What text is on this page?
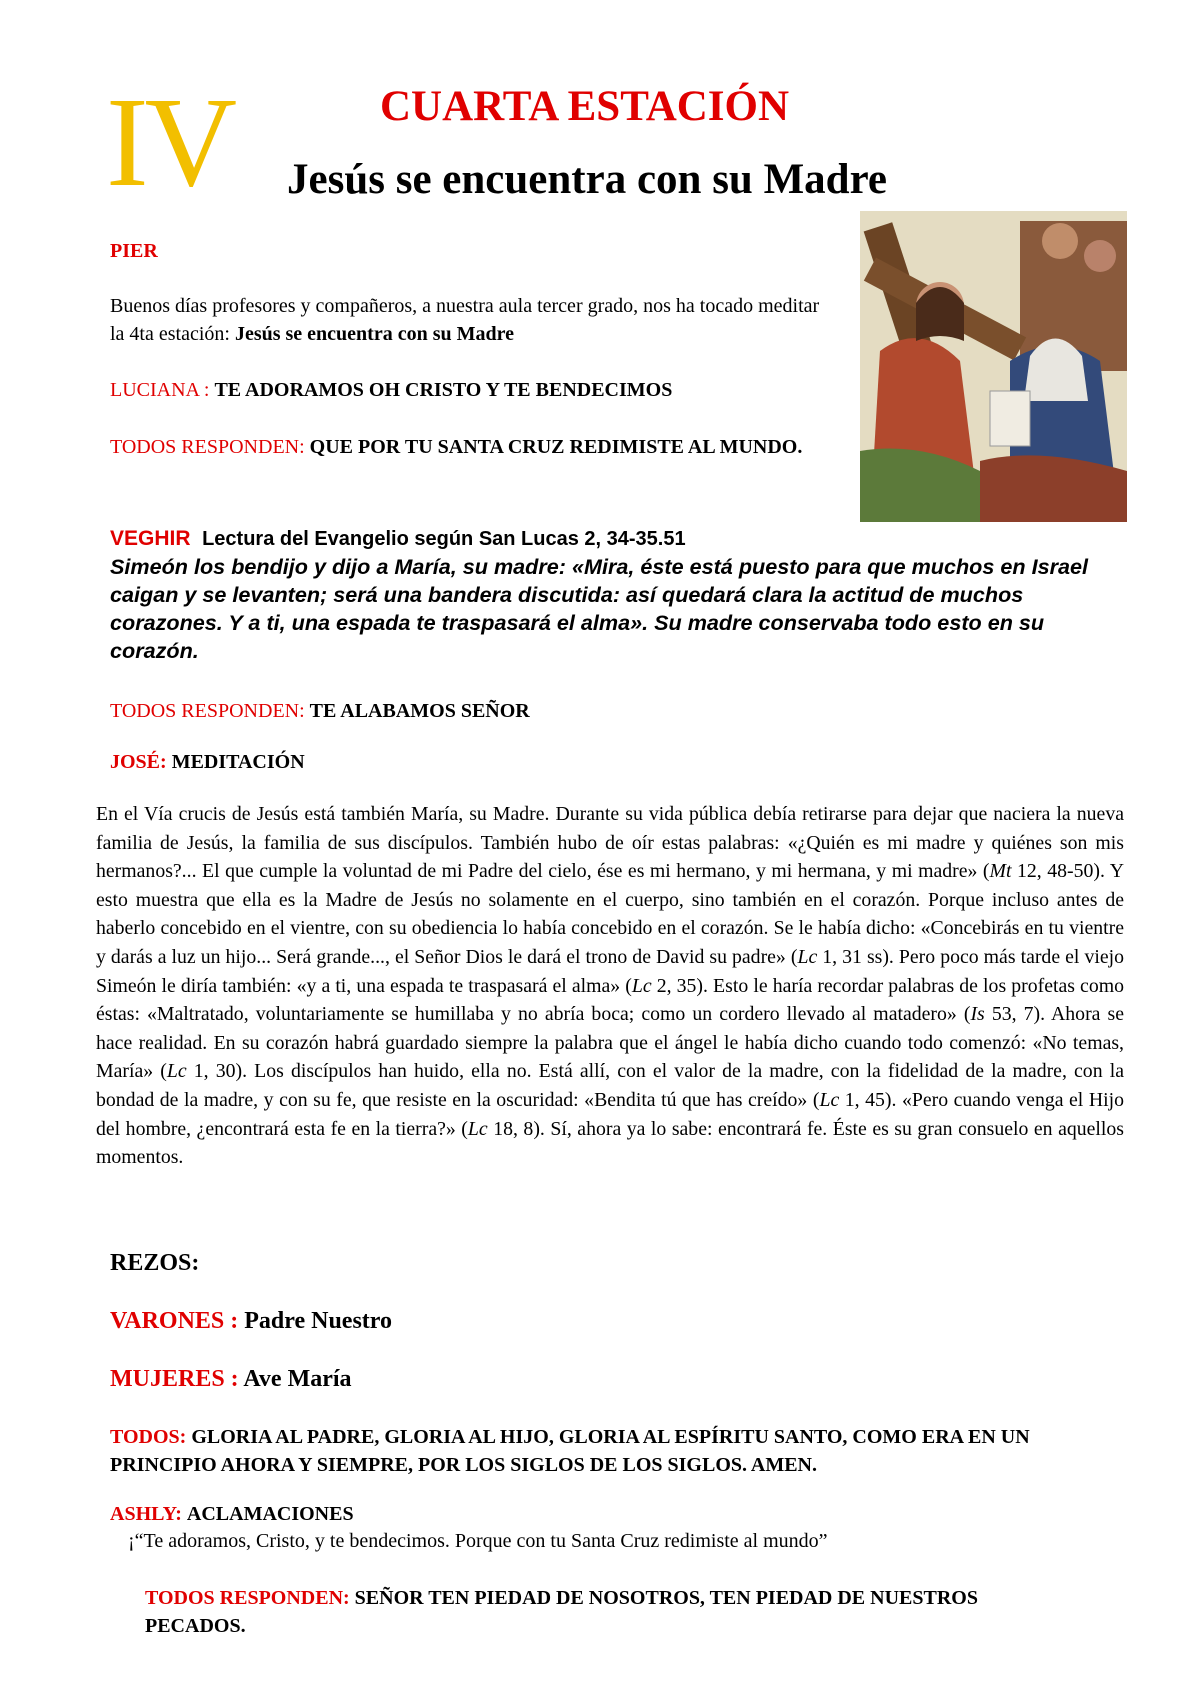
IV	CUARTA ESTACIÓN
Jesús se encuentra con su Madre
PIER
Buenos días profesores y compañeros, a nuestra aula tercer grado, nos ha tocado meditar la 4ta estación: Jesús se encuentra con su Madre
LUCIANA : TE ADORAMOS OH CRISTO Y TE BENDECIMOS
TODOS RESPONDEN: QUE POR TU SANTA CRUZ REDIMISTE AL MUNDO.
VEGHIR Lectura del Evangelio según San Lucas 2, 34-35.51
Simeón los bendijo y dijo a María, su madre: «Mira, éste está puesto para que muchos en Israel caigan y se levanten; será una bandera discutida: así quedará clara la actitud de muchos corazones. Y a ti, una espada te traspasará el alma». Su madre conservaba todo esto en su corazón.
TODOS RESPONDEN: TE ALABAMOS SEÑOR
JOSÉ: MEDITACIÓN
En el Vía crucis de Jesús está también María, su Madre. Durante su vida pública debía retirarse para dejar que naciera la nueva familia de Jesús, la familia de sus discípulos. También hubo de oír estas palabras: «¿Quién es mi madre y quiénes son mis hermanos?... El que cumple la voluntad de mi Padre del cielo, ése es mi hermano, y mi hermana, y mi madre» (Mt 12, 48-50). Y esto muestra que ella es la Madre de Jesús no solamente en el cuerpo, sino también en el corazón. Porque incluso antes de haberlo concebido en el vientre, con su obediencia lo había concebido en el corazón. Se le había dicho: «Concebirás en tu vientre y darás a luz un hijo... Será grande..., el Señor Dios le dará el trono de David su padre» (Lc 1, 31 ss). Pero poco más tarde el viejo Simeón le diría también: «y a ti, una espada te traspasará el alma» (Lc 2, 35). Esto le haría recordar palabras de los profetas como éstas: «Maltratado, voluntariamente se humillaba y no abría boca; como un cordero llevado al matadero» (Is 53, 7). Ahora se hace realidad. En su corazón habrá guardado siempre la palabra que el ángel le había dicho cuando todo comenzó: «No temas, María» (Lc 1, 30). Los discípulos han huido, ella no. Está allí, con el valor de la madre, con la fidelidad de la madre, con la bondad de la madre, y con su fe, que resiste en la oscuridad: «Bendita tú que has creído» (Lc 1, 45). «Pero cuando venga el Hijo del hombre, ¿encontrará esta fe en la tierra?» (Lc 18, 8). Sí, ahora ya lo sabe: encontrará fe. Éste es su gran consuelo en aquellos momentos.
REZOS:
VARONES : Padre Nuestro
MUJERES : Ave María
TODOS: GLORIA AL PADRE, GLORIA AL HIJO, GLORIA AL ESPÍRITU SANTO, COMO ERA EN UN PRINCIPIO AHORA Y SIEMPRE, POR LOS SIGLOS DE LOS SIGLOS. AMEN.
ASHLY: ACLAMACIONES
¡“Te adoramos, Cristo, y te bendecimos. Porque con tu Santa Cruz redimiste al mundo”
TODOS RESPONDEN: SEÑOR TEN PIEDAD DE NOSOTROS, TEN PIEDAD DE NUESTROS PECADOS.
